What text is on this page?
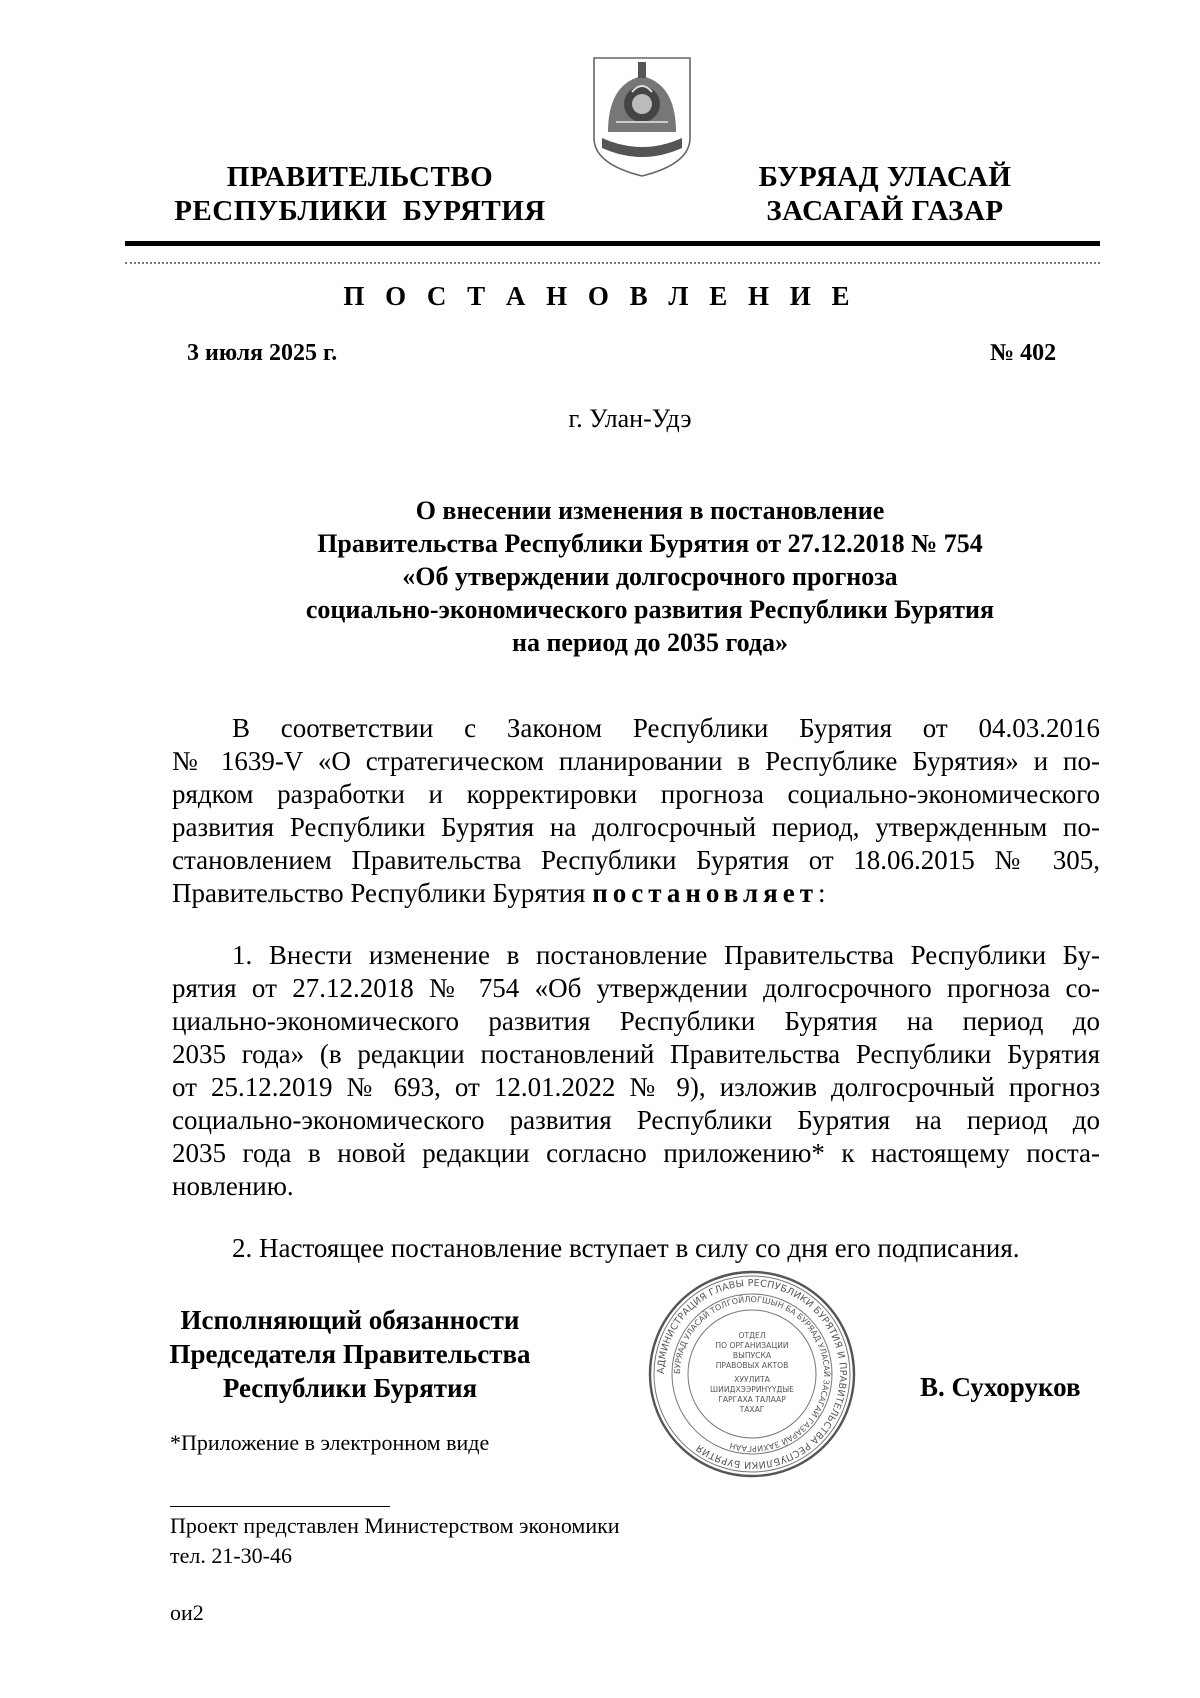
ПРАВИТЕЛЬСТВО
РЕСПУБЛИКИ  БУРЯТИЯ
БУРЯАД УЛАСАЙ
ЗАСАГАЙ ГАЗАР
П О С Т А Н О В Л Е Н И Е
3 июля 2025 г.	№ 402
г. Улан-Удэ
О внесении изменения в постановление
Правительства Республики Бурятия от 27.12.2018 № 754
«Об утверждении долгосрочного прогноза
социально-экономического развития Республики Бурятия
на период до 2035 года»
В соответствии с Законом Республики Бурятия от 04.03.2016
№ 1639-V «О стратегическом планировании в Республике Бурятия» и по-
рядком разработки и корректировки прогноза социально-экономического
развития Республики Бурятия на долгосрочный период, утвержденным по-
становлением Правительства Республики Бурятия от 18.06.2015 № 305,
Правительство Республики Бурятия постановляет:
1. Внести изменение в постановление Правительства Республики Бу-
рятия от 27.12.2018 № 754 «Об утверждении долгосрочного прогноза со-
циально-экономического развития Республики Бурятия на период до
2035 года» (в редакции постановлений Правительства Республики Бурятия
от 25.12.2019 № 693, от 12.01.2022 № 9), изложив долгосрочный прогноз
социально-экономического развития Республики Бурятия на период до
2035 года в новой редакции согласно приложению* к настоящему поста-
новлению.
2. Настоящее постановление вступает в силу со дня его подписания.
Исполняющий обязанности
Председателя Правительства
Республики Бурятия
АДМИНИСТРАЦИЯ ГЛАВЫ РЕСПУБЛИКИ БУРЯТИЯ И ПРАВИТЕЛЬСТВА РЕСПУБЛИКИ БУРЯТИЯ
БУРЯАД УЛАСАЙ ТОЛГОЙЛОГШЫН БА БУРЯАД УЛАСАЙ ЗАСАГАЙ ГАЗАРАЙ ЗАХИРГААН
ОТДЕЛ
ПО ОРГАНИЗАЦИИ
ВЫПУСКА
ПРАВОВЫХ АКТОВ
ХУУЛИТА
ШИИДХЭЭРИНҮҮДЫЕ
ГАРГАХА ТАЛААР
ТАХАГ
В. Сухоруков
*Приложение в электронном виде
Проект представлен Министерством экономики
тел. 21-30-46
ои2
